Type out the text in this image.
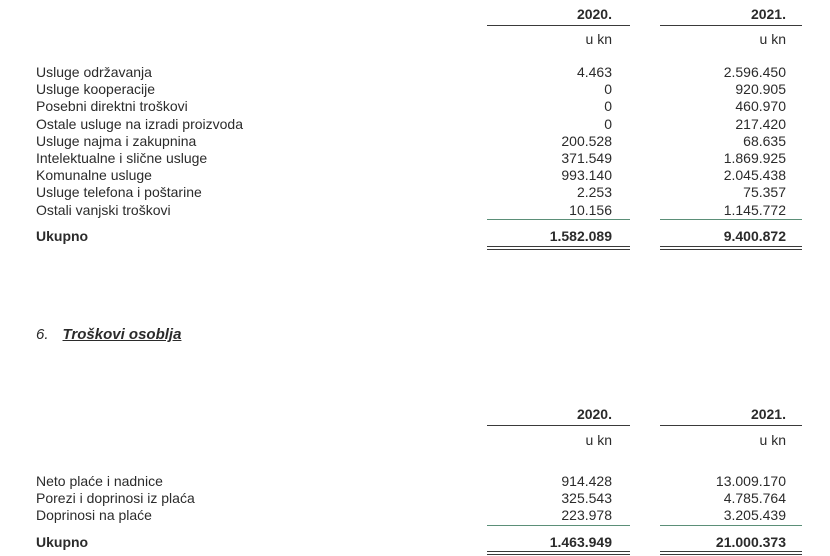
2020.	2021.
u kn	u kn
Usluge održavanja	4.463	2.596.450
Usluge kooperacije	0	920.905
Posebni direktni troškovi	0	460.970
Ostale usluge na izradi proizvoda	0	217.420
Usluge najma i zakupnina	200.528	68.635
Intelektualne i slične usluge	371.549	1.869.925
Komunalne usluge	993.140	2.045.438
Usluge telefona i poštarine	2.253	75.357
Ostali vanjski troškovi	10.156	1.145.772
Ukupno	1.582.089	9.400.872
6. Troškovi osoblja
2020.	2021.
u kn	u kn
Neto plaće i nadnice	914.428	13.009.170
Porezi i doprinosi iz plaća	325.543	4.785.764
Doprinosi na plaće	223.978	3.205.439
Ukupno	1.463.949	21.000.373
